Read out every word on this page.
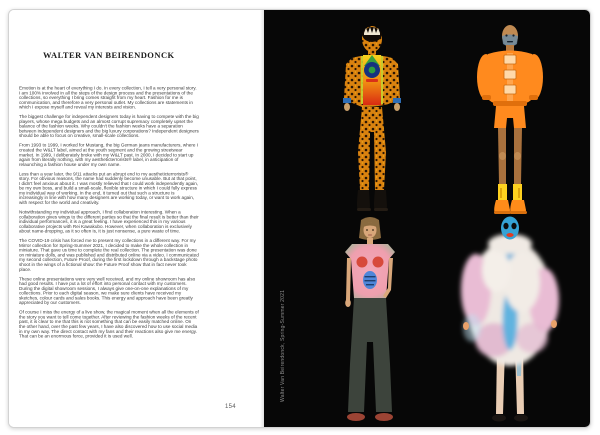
WALTER VAN BEIRENDONCK

Emotion is at the heart of everything I do. In every collection, I tell a very personal story. I am 100% involved in all the steps of the design process and the presentations of the collections, so everything I bring comes straight from my heart. Fashion for me is communication, and therefore a very personal outlet. My collections are statements in which I expose myself and reveal my interests and vision.

The biggest challenge for independent designers today is having to compete with the big players, whose mega budgets and an almost corrupt supremacy completely upset the balance of the fashion weeks. Why couldn't the fashion weeks have a separation between independent designers and the big luxury corporations? Independent designers should be able to focus on creative, small-scale collections.

From 1993 to 1999, I worked for Mustang, the big German jeans manufacturers, where I created the W&LT label, aimed at the youth segment and the growing streetwear market. In 1999, I deliberately broke with my W&LT past. In 2000, I decided to start up again from literally nothing, with my aestheticterrorists® label, in anticipation of relaunching a fashion house under my own name.

Less than a year later, the 9/11 attacks put an abrupt end to my aestheticterrorists® story. For obvious reasons, the name had suddenly become unusable. But at that point, I didn't feel anxious about it. I was mostly relieved that I could work independently again, be my own boss, and build a small-scale, flexible structure in which I could fully express my individual way of working. In the end, it turned out that such a structure is increasingly in line with how many designers are working today, or want to work again, with respect for the world and creativity.

Notwithstanding my individual approach, I find collaboration interesting. When a collaboration gives wings to the different parties so that the final result is better than their individual performances, it is a great feeling. I have experienced this in my various collaborative projects with Rei Kawakubo. However, when collaboration is exclusively about name-dropping, as it so often is, it is just nonsense, a pure waste of time.

The COVID-19 crisis has forced me to present my collections in a different way. For my Mirror collection for Spring-Summer 2021, I decided to make the whole collection in miniature. That gave us time to complete the real collection. The presentation was done on miniature dolls, and was published and distributed online via a video. I communicated my second collection, Future Proof, during the first lockdown through a backstage photo shoot in the wings of a fictional show: the Future Proof show that in fact never took place.

These online presentations were very well received, and my online showroom has also had good results. I have put a lot of effort into personal contact with my customers. During the digital showroom sessions, I always give one-on-one explanations of my collections. Prior to each digital season, we make sure clients have received my sketches, colour cards and sales books. This energy and approach have been greatly appreciated by our customers.

Of course I miss the energy of a live show, the magical moment when all the elements of the story you want to tell come together. After reviewing the fashion weeks of the recent past, it is clear to me that this is not something that can be easily matched online. On the other hand, over the past few years, I have also discovered how to use social media in my own way. The direct contact with my fans and their reactions also give me energy. That can be an enormous force, provided it is used well.

154
Walter Van Beirendonck, Spring-Summer 2021
